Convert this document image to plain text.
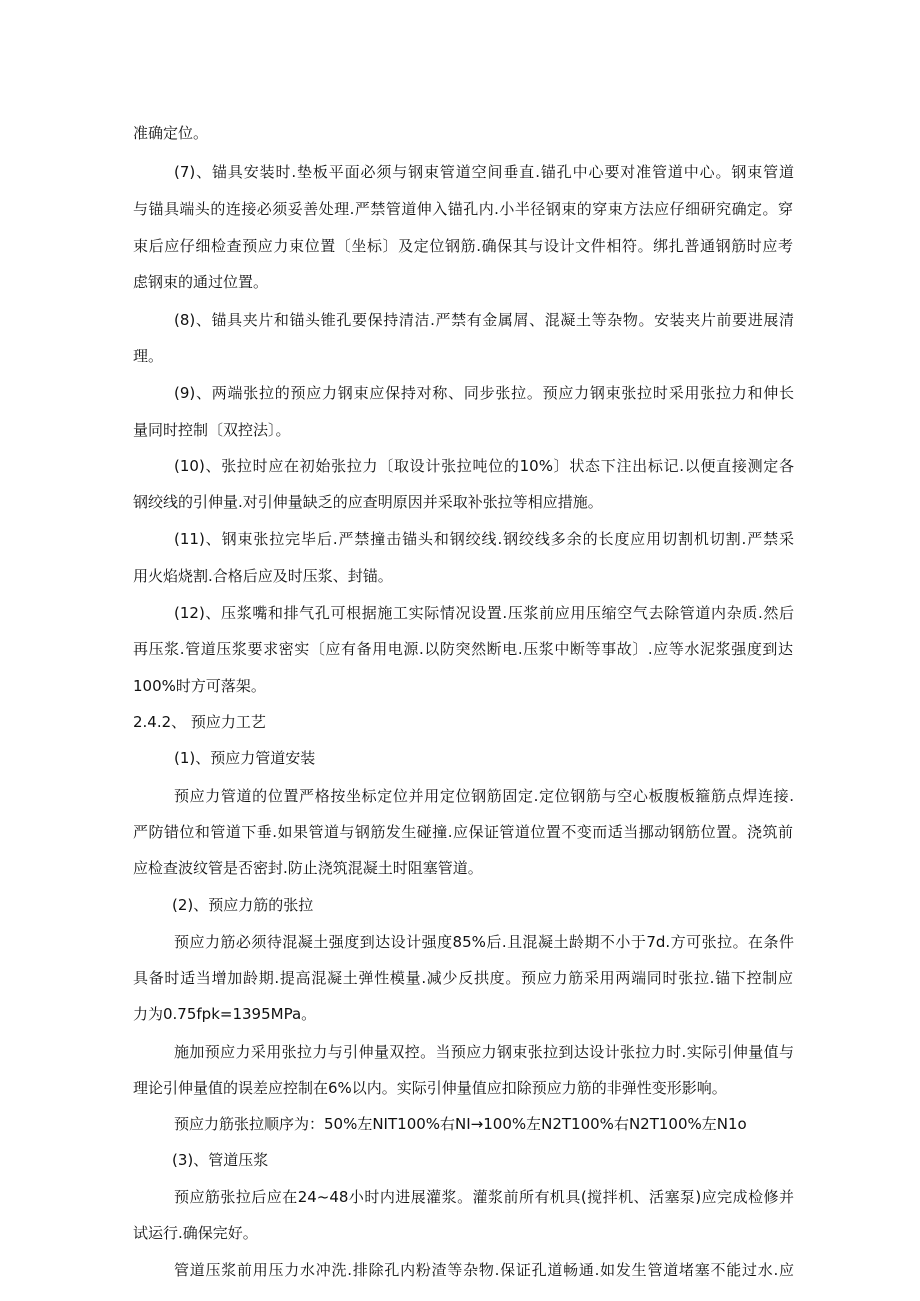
准确定位。

(7)、锚具安装时.垫板平面必须与钢束管道空间垂直.锚孔中心要对准管道中心。钢束管道

与锚具端头的连接必须妥善处理.严禁管道伸入锚孔内.小半径钢束的穿束方法应仔细研究确定。穿

束后应仔细检查预应力束位置〔坐标〕及定位钢筋.确保其与设计文件相符。绑扎普通钢筋时应考

虑钢束的通过位置。

(8)、锚具夹片和锚头锥孔要保持清洁.严禁有金属屑、混凝土等杂物。安装夹片前要进展清

理。

(9)、两端张拉的预应力钢束应保持对称、同步张拉。预应力钢束张拉时采用张拉力和伸长

量同时控制〔双控法〕。

(10)、张拉时应在初始张拉力〔取设计张拉吨位的10%〕状态下注出标记.以便直接测定各

钢绞线的引伸量.对引伸量缺乏的应查明原因并采取补张拉等相应措施。

(11)、钢束张拉完毕后.严禁撞击锚头和钢绞线.钢绞线多余的长度应用切割机切割.严禁采

用火焰烧割.合格后应及时压浆、封锚。

(12)、压浆嘴和排气孔可根据施工实际情况设置.压浆前应用压缩空气去除管道内杂质.然后

再压浆.管道压浆要求密实〔应有备用电源.以防突然断电.压浆中断等事故〕.应等水泥浆强度到达

100%时方可落架。

2.4.2、 预应力工艺

(1)、预应力管道安装

预应力管道的位置严格按坐标定位并用定位钢筋固定.定位钢筋与空心板腹板箍筋点焊连接.

严防错位和管道下垂.如果管道与钢筋发生碰撞.应保证管道位置不变而适当挪动钢筋位置。浇筑前

应检查波纹管是否密封.防止浇筑混凝土时阻塞管道。

(2)、预应力筋的张拉

预应力筋必须待混凝土强度到达设计强度85%后.且混凝土龄期不小于7d.方可张拉。在条件

具备时适当增加龄期.提高混凝土弹性模量.减少反拱度。预应力筋采用两端同时张拉.锚下控制应

力为0.75fpk=1395MPa。

施加预应力采用张拉力与引伸量双控。当预应力钢束张拉到达设计张拉力时.实际引伸量值与

理论引伸量值的误差应控制在6%以内。实际引伸量值应扣除预应力筋的非弹性变形影响。

预应力筋张拉顺序为：50%左NIT100%右NI→100%左N2T100%右N2T100%左N1o

(3)、管道压浆

预应筋张拉后应在24~48小时内进展灌浆。灌浆前所有机具(搅拌机、活塞泵)应完成检修并

试运行.确保完好。

管道压浆前用压力水冲洗.排除孔内粉渣等杂物.保证孔道畅通.如发生管道堵塞不能过水.应
